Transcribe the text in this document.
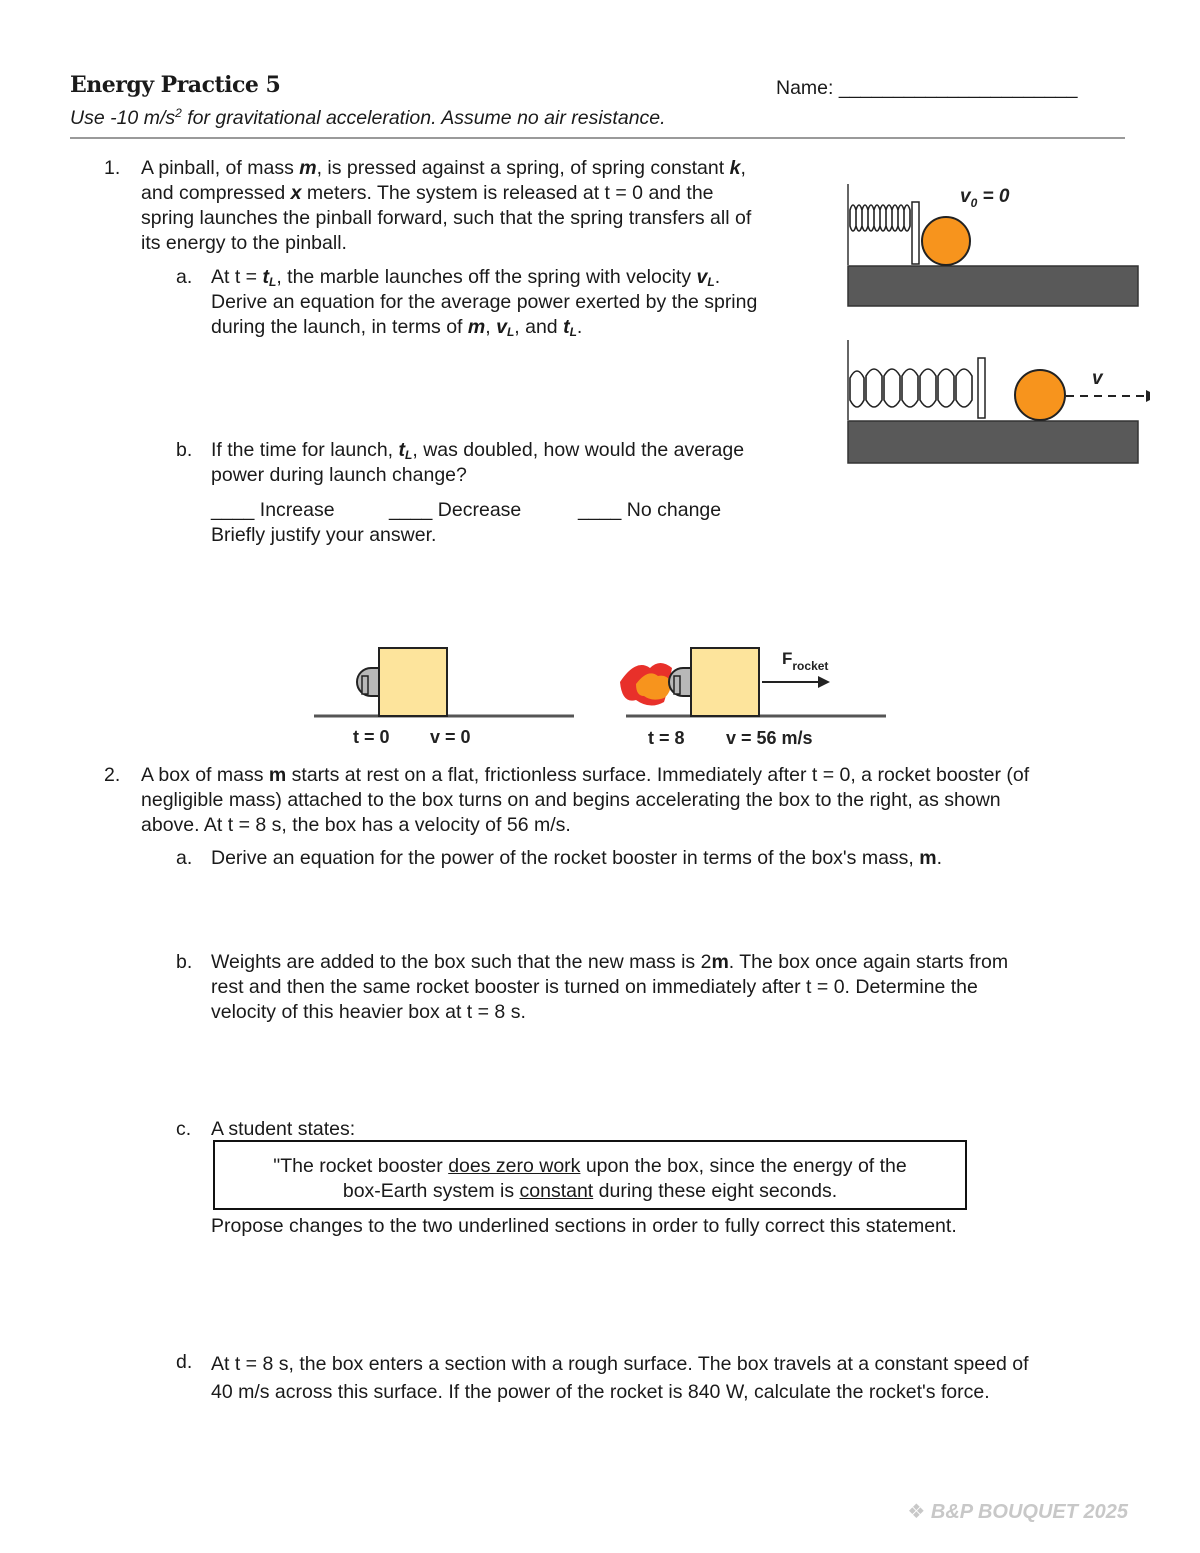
Energy Practice 5	Name: ______________________
Use -10 $m/s^2$ for gravitational acceleration. Assume no air resistance.
1. A pinball, of mass m, is pressed against a spring, of spring constant k,
and compressed x meters. The system is released at t = 0 and the
spring launches the pinball forward, such that the spring transfers all of
its energy to the pinball.
a. At $t = t_L$, the marble launches off the spring with velocity $v_L$.
Derive an equation for the average power exerted by the spring
during the launch, in terms of m, $v_L$, and $t_L$.
b. If the time for launch, $t_L$, was doubled, how would the average
power during launch change?
____ Increase	____ Decrease	____ No change
Briefly justify your answer.
$v_0 = 0$
v
t = 0 v = 0
$F_{rocket}$
t = 8 v = 56 m/s
2. A box of mass m starts at rest on a flat, frictionless surface. Immediately after t = 0, a rocket booster (of
negligible mass) attached to the box turns on and begins accelerating the box to the right, as shown
above. At t = 8 s, the box has a velocity of 56 m/s.
a. Derive an equation for the power of the rocket booster in terms of the box's mass, m.
b. Weights are added to the box such that the new mass is 2m. The box once again starts from
rest and then the same rocket booster is turned on immediately after t = 0. Determine the
velocity of this heavier box at t = 8 s.
c. A student states:
"The rocket booster does zero work upon the box, since the energy of the
box-Earth system is constant during these eight seconds.
Propose changes to the two underlined sections in order to fully correct this statement.
d. At t = 8 s, the box enters a section with a rough surface. The box travels at a constant speed of
40 m/s across this surface. If the power of the rocket is 840 W, calculate the rocket's force.
❖ B&P BOUQUET 2025
